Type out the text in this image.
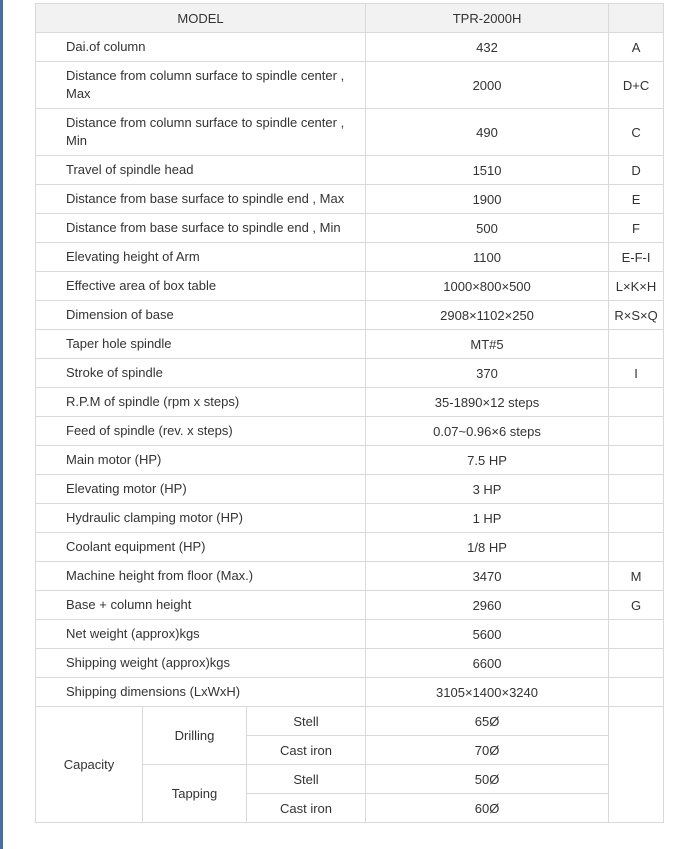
MODEL			TPR-2000H	
Dai.of column			432	A
Distance from column surface to spindle center , Max			2000	D+C
Distance from column surface to spindle center , Min			490	C
Travel of spindle head			1510	D
Distance from base surface to spindle end , Max			1900	E
Distance from base surface to spindle end , Min			500	F
Elevating height of Arm			1100	E-F-I
Effective area of box table			1000×800×500	L×K×H
Dimension of base			2908×1102×250	R×S×Q
Taper hole spindle			MT#5	
Stroke of spindle			370	I
R.P.M of spindle (rpm x steps)			35-1890×12 steps	
Feed of spindle (rev. x steps)			0.07~0.96×6 steps	
Main motor (HP)			7.5 HP	
Elevating motor (HP)			3 HP	
Hydraulic clamping motor (HP)			1 HP	
Coolant equipment (HP)			1/8 HP	
Machine height from floor (Max.)			3470	M
Base + column height			2960	G
Net weight (approx)kgs			5600	
Shipping weight (approx)kgs			6600	
Shipping dimensions (LxWxH)			3105×1400×3240	
Capacity	Drilling	Stell	65Ø	
		Cast iron	70Ø	
	Tapping	Stell	50Ø	
		Cast iron	60Ø	
